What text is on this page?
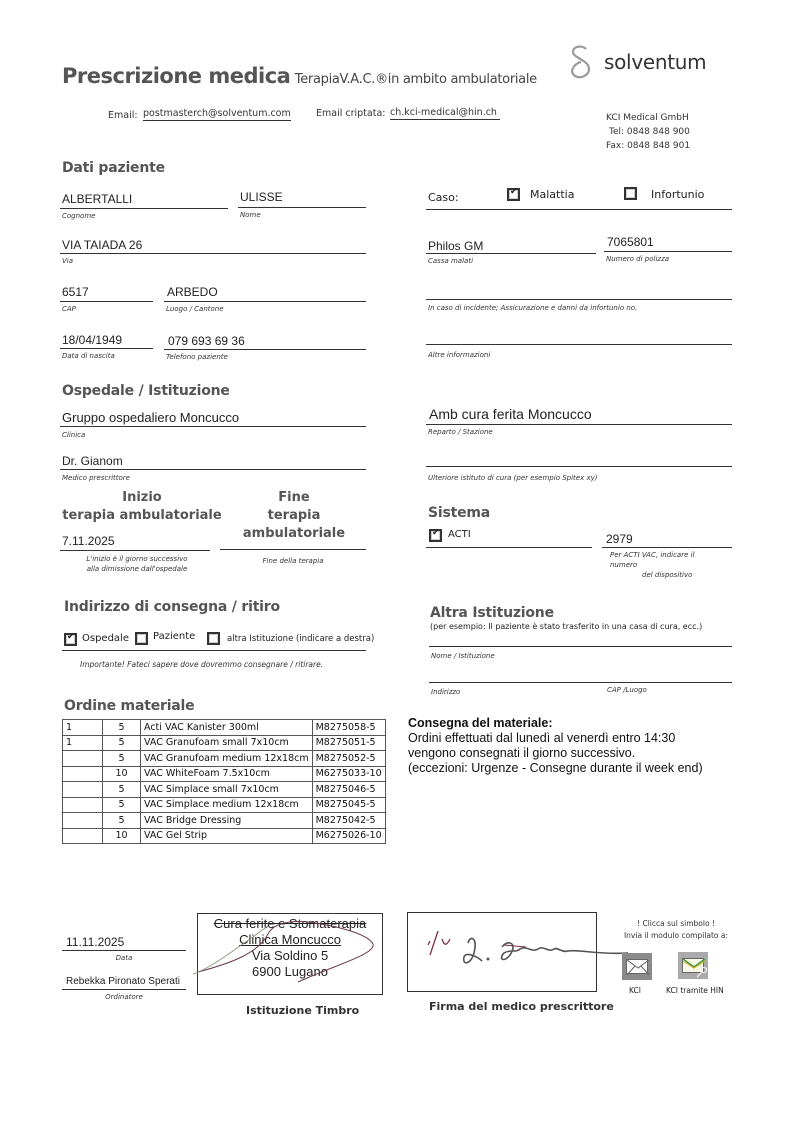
Prescrizione medica TerapiaV.A.C.®in ambito ambulatoriale
solventum
Email: postmasterch@solventum.com	Email criptata: ch.kci-medical@hin.ch	KCI Medical GmbH
Tel: 0848 848 900
Fax: 0848 848 901
Dati paziente
ALBERTALLI
Cognome
ULISSE
Nome
VIA TAIADA 26
Via
6517
CAP
ARBEDO
Luogo / Cantone
18/04/1949
Data di nascita
079 693 69 36
Telefono paziente
Caso:	✔ Malattia	Infortunio
Philos GM
Cassa malati
7065801
Numero di polizza
In caso di incidente; Assicurazione e danni da infortunio no.
Altre informazioni
Ospedale / Istituzione
Gruppo ospedaliero Moncucco
Clinica
Dr. Gianom
Medico prescrittore
Amb cura ferita Moncucco
Reparto / Stazione
Ulteriore istituto di cura (per esempio Spitex xy)
Inizio
terapia ambulatoriale
Fine
terapia ambulatoriale
7.11.2025
L'inizio è il giorno successivo
alla dimissione dall'ospedale
Fine della terapia
Sistema
✔ ACTI	2979
Per ACTI VAC, indicare il
numero
del dispositivo
Indirizzo di consegna / ritiro
✔ Ospedale Paziente	altra Istituzione (indicare a destra)
Importante! Fateci sapere dove dovremmo consegnare / ritirare.
Altra Istituzione
(per esempio: Il paziente è stato trasferito in una casa di cura, ecc.)
Nome / Istituzione
Indirizzo	CAP /Luogo
Ordine materiale
1	5	Acti VAC Kanister 300ml	M8275058-5
1	5	VAC Granufoam small 7x10cm	M8275051-5
	5	VAC Granufoam medium 12x18cm	M8275052-5
	10	VAC WhiteFoam 7.5x10cm	M6275033-10
	5	VAC Simplace small 7x10cm	M8275046-5
	5	VAC Simplace medium 12x18cm	M8275045-5
	5	VAC Bridge Dressing	M8275042-5
	10	VAC Gel Strip	M6275026-10
Consegna del materiale:
Ordini effettuati dal lunedì al venerdì entro 14:30
vengono consegnati il giorno successivo.
(eccezioni: Urgenze - Consegne durante il week end)
11.11.2025
Data
Rebekka Pironato Sperati
Ordinatore
Cura ferite e Stomaterapia
Clinica Moncucco
Via Soldino 5
6900 Lugano
Istituzione Timbro	Firma del medico prescrittore
! Clicca sul simbolo !
Invia il modulo compilato a:
KCI	KCI tramite HIN
